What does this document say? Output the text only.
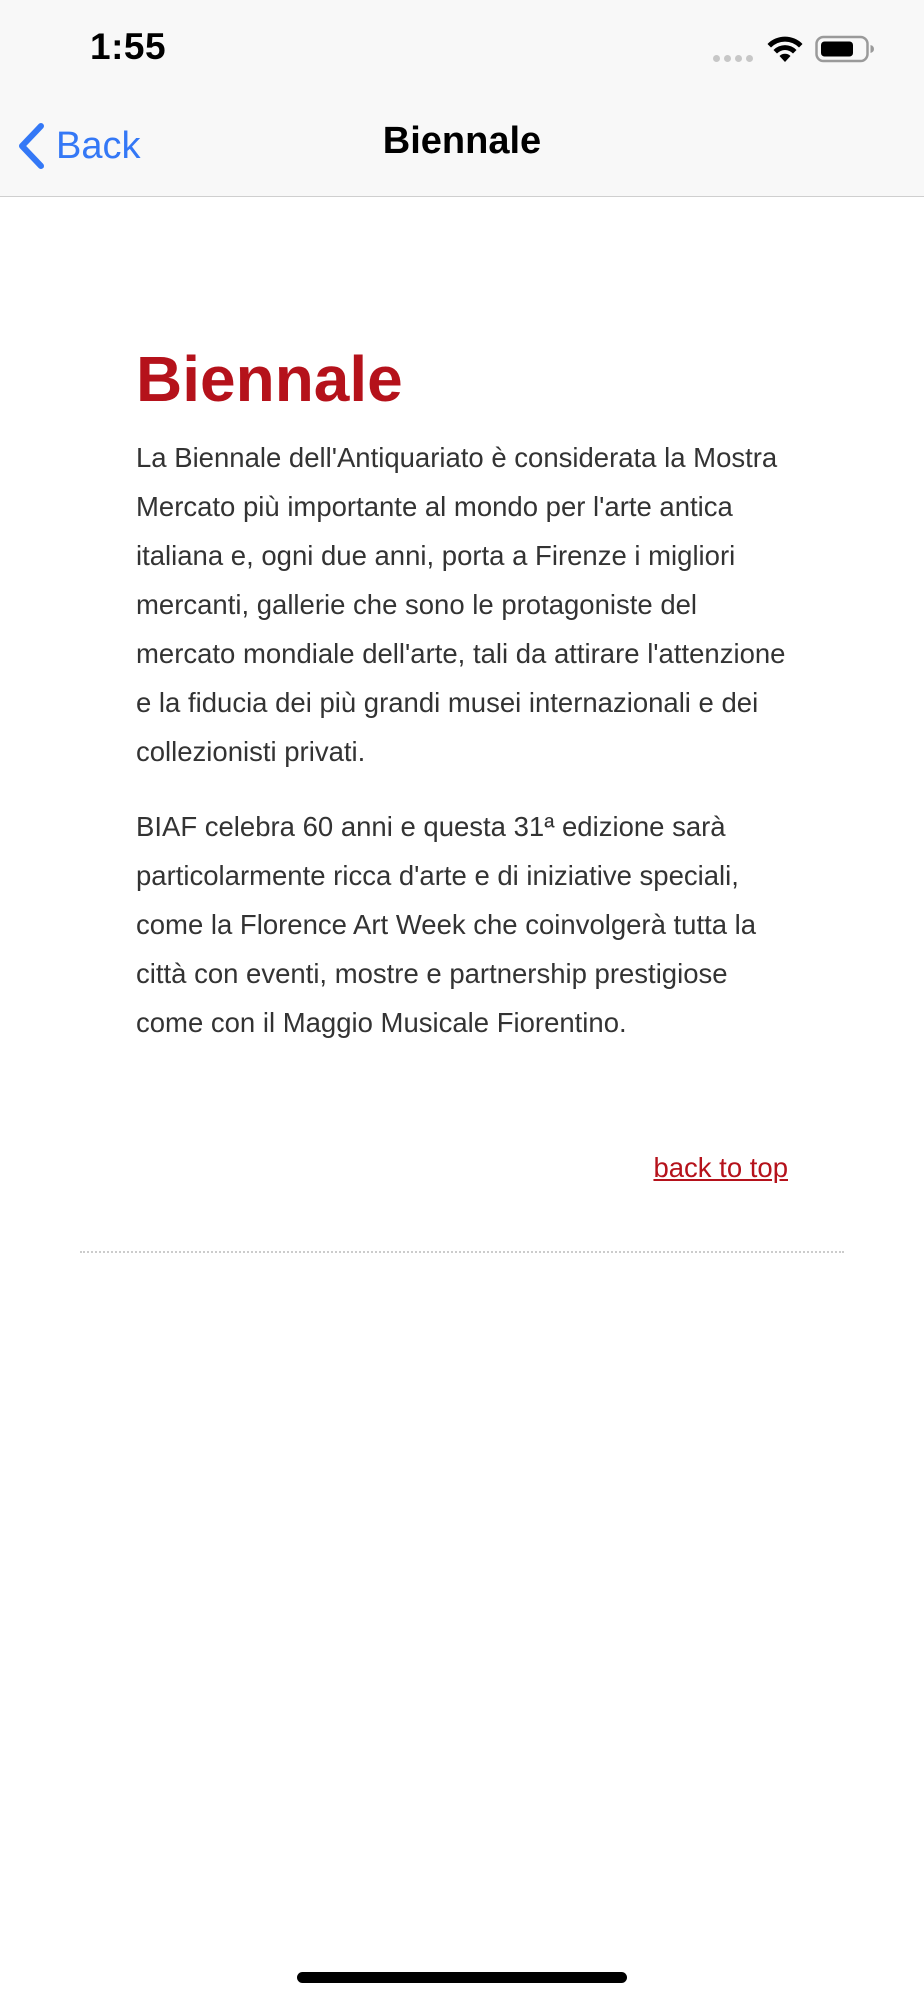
1:55
Back	Biennale
Biennale

La Biennale dell'Antiquariato è considerata la Mostra Mercato più importante al mondo per l'arte antica italiana e, ogni due anni, porta a Firenze i migliori mercanti, gallerie che sono le protagoniste del mercato mondiale dell'arte, tali da attirare l'attenzione e la fiducia dei più grandi musei internazionali e dei collezionisti privati.

BIAF celebra 60 anni e questa 31ª edizione sarà particolarmente ricca d'arte e di iniziative speciali, come la Florence Art Week che coinvolgerà tutta la città con eventi, mostre e partnership prestigiose come con il Maggio Musicale Fiorentino.

back to top
